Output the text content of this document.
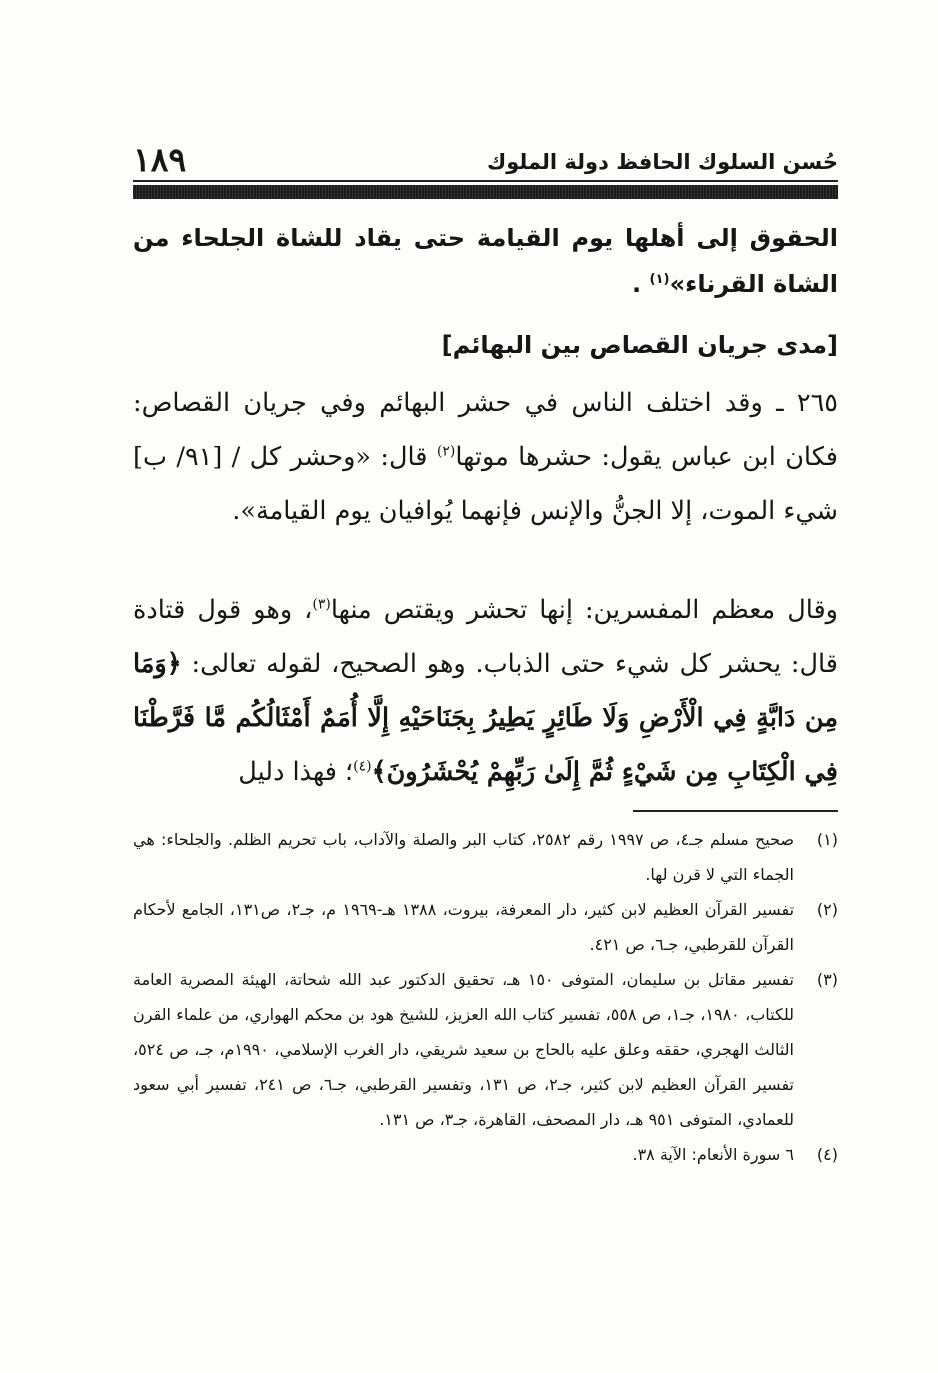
١٨٩	حُسن السلوك الحافظ دولة الملوك
الحقوق إلى أهلها يوم القيامة حتى يقاد للشاة الجلحاء من الشاة القرناء»$^{(١)}$ .
[مدى جريان القصاص بين البهائم]
٢٦٥ ـ وقد اختلف الناس في حشر البهائم وفي جريان القصاص: فكان ابن عباس يقول: حشرها موتها$^{(٢)}$ قال: «وحشر كل / [٩١/ ب] شيء الموت، إلا الجنُّ والإنس فإنهما يُوافيان يوم القيامة».
وقال معظم المفسرين: إنها تحشر ويقتص منها$^{(٣)}$، وهو قول قتادة قال: يحشر كل شيء حتى الذباب. وهو الصحيح، لقوله تعالى: ﴿وَمَا مِن دَابَّةٍ فِي الْأَرْضِ وَلَا طَائِرٍ يَطِيرُ بِجَنَاحَيْهِ إِلَّا أُمَمٌ أَمْثَالُكُم مَّا فَرَّطْنَا فِي الْكِتَابِ مِن شَيْءٍ ثُمَّ إِلَىٰ رَبِّهِمْ يُحْشَرُونَ﴾$^{(٤)}$؛ فهذا دليل
(١)
صحيح مسلم جـ٤، ص ١٩٩٧ رقم ٢٥٨٢، كتاب البر والصلة والآداب، باب تحريم الظلم. والجلحاء: هي الجماء التي لا قرن لها.
(٢)
تفسير القرآن العظيم لابن كثير، دار المعرفة، بيروت، ١٣٨٨ هـ-١٩٦٩ م، جـ٢، ص١٣١، الجامع لأحكام القرآن للقرطبي، جـ٦، ص ٤٢١.
(٣)
تفسير مقاتل بن سليمان، المتوفى ١٥٠ هـ، تحقيق الدكتور عبد الله شحاتة، الهيئة المصرية العامة للكتاب، ١٩٨٠، جـ١، ص ٥٥٨، تفسير كتاب الله العزيز، للشيخ هود بن محكم الهواري، من علماء القرن الثالث الهجري، حققه وعلق عليه بالحاج بن سعيد شريقي، دار الغرب الإسلامي، ١٩٩٠م، جـ، ص ٥٢٤، تفسير القرآن العظيم لابن كثير، جـ٢، ص ١٣١، وتفسير القرطبي، جـ٦، ص ٢٤١، تفسير أبي سعود للعمادي، المتوفى ٩٥١ هـ، دار المصحف، القاهرة، جـ٣، ص ١٣١.
(٤)
٦ سورة الأنعام: الآية ٣٨.
